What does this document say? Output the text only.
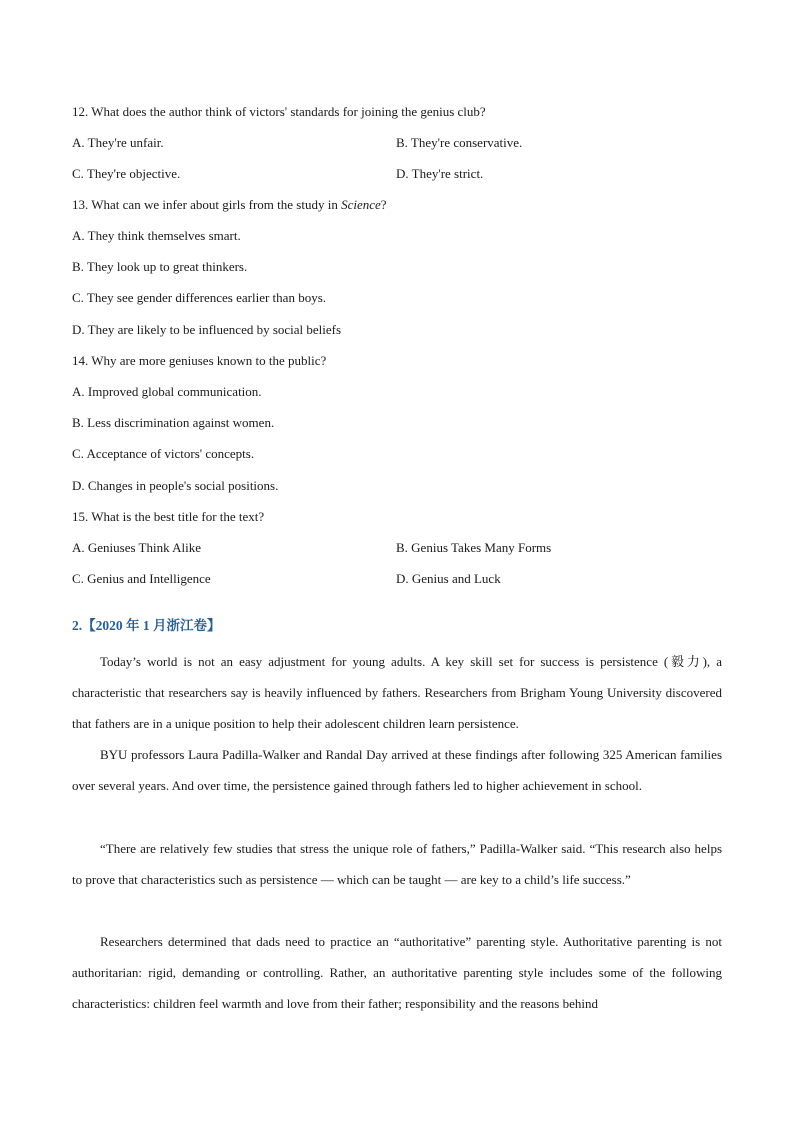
12. What does the author think of victors' standards for joining the genius club?
A. They're unfair.	B. They're conservative.
C. They're objective.	D. They're strict.
13. What can we infer about girls from the study in Science?
A. They think themselves smart.
B. They look up to great thinkers.
C. They see gender differences earlier than boys.
D. They are likely to be influenced by social beliefs
14. Why are more geniuses known to the public?
A. Improved global communication.
B. Less discrimination against women.
C. Acceptance of victors' concepts.
D. Changes in people's social positions.
15. What is the best title for the text?
A. Geniuses Think Alike	B. Genius Takes Many Forms
C. Genius and Intelligence	D. Genius and Luck
2.【2020 年 1 月浙江卷】

Today’s world is not an easy adjustment for young adults. A key skill set for success is persistence (毅力), a characteristic that researchers say is heavily influenced by fathers. Researchers from Brigham Young University discovered that fathers are in a unique position to help their adolescent children learn persistence.

BYU professors Laura Padilla-Walker and Randal Day arrived at these findings after following 325 American families over several years. And over time, the persistence gained through fathers led to higher achievement in school.

“There are relatively few studies that stress the unique role of fathers,” Padilla-Walker said. “This research also helps to prove that characteristics such as persistence — which can be taught — are key to a child’s life success.”

Researchers determined that dads need to practice an “authoritative” parenting style. Authoritative parenting is not authoritarian: rigid, demanding or controlling. Rather, an authoritative parenting style includes some of the following characteristics: children feel warmth and love from their father; responsibility and the reasons behind
